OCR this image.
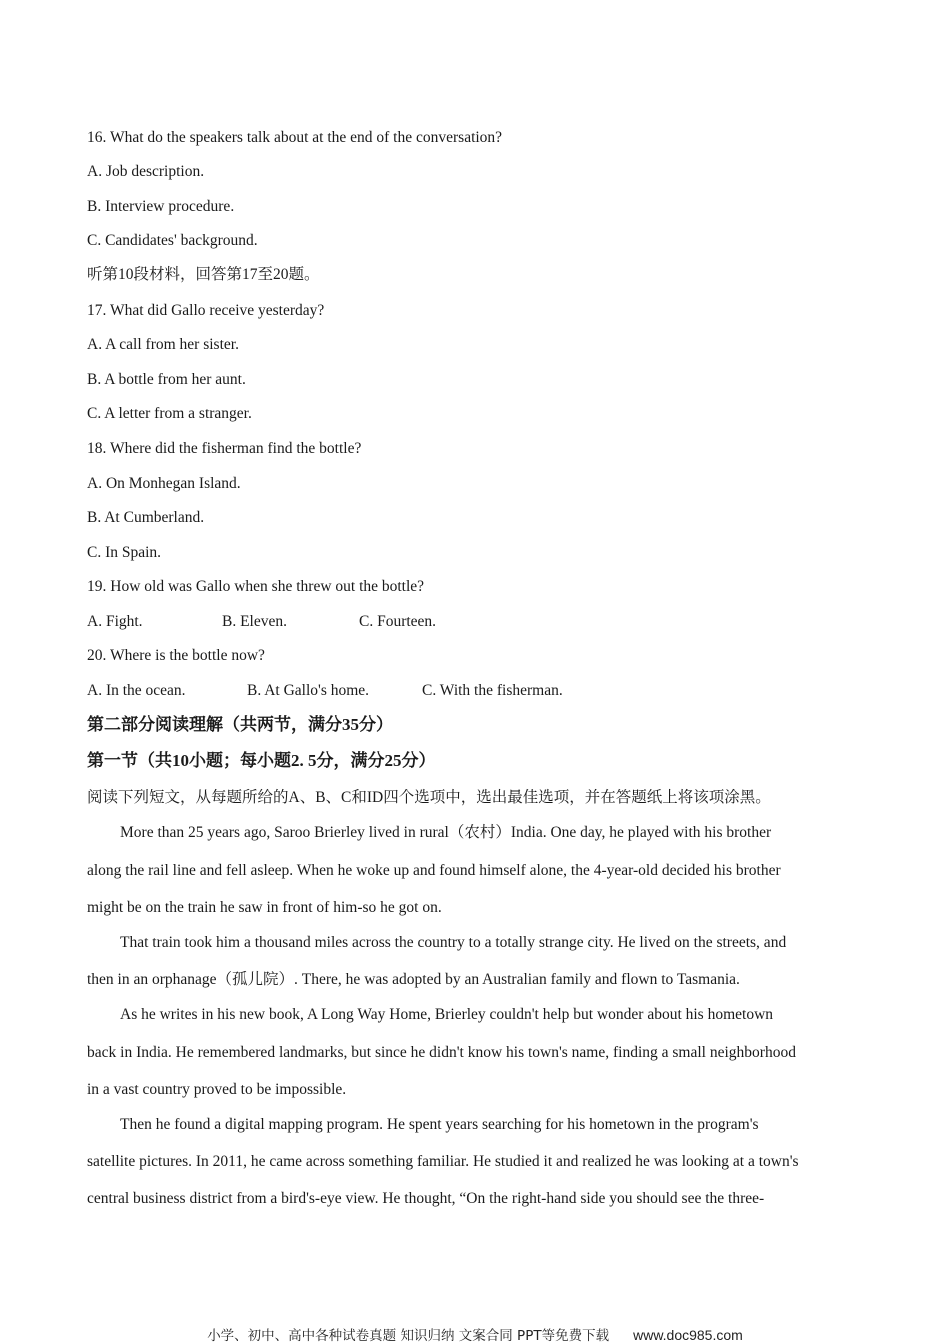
16. What do the speakers talk about at the end of the conversation?
A. Job description.
B. Interview procedure.
C. Candidates' background.
听第10段材料，回答第17至20题。
17. What did Gallo receive yesterday?
A. A call from her sister.
B. A bottle from her aunt.
C. A letter from a stranger.
18. Where did the fisherman find the bottle?
A. On Monhegan Island.
B. At Cumberland.
C. In Spain.
19. How old was Gallo when she threw out the bottle?
A. Fight.	B. Eleven.	C. Fourteen.
20. Where is the bottle now?
A. In the ocean.	B. At Gallo's home.	C. With the fisherman.
第二部分阅读理解（共两节，满分35分）
第一节（共10小题；每小题2. 5分，满分25分）
阅读下列短文，从每题所给的A、B、C和ID四个选项中，选出最佳选项，并在答题纸上将该项涂黑。
More than 25 years ago, Saroo Brierley lived in rural（农村）India. One day, he played with his brother
along the rail line and fell asleep. When he woke up and found himself alone, the 4-year-old decided his brother
might be on the train he saw in front of him-so he got on.
That train took him a thousand miles across the country to a totally strange city. He lived on the streets, and
then in an orphanage（孤儿院）. There, he was adopted by an Australian family and flown to Tasmania.
As he writes in his new book, A Long Way Home, Brierley couldn't help but wonder about his hometown
back in India. He remembered landmarks, but since he didn't know his town's name, finding a small neighborhood
in a vast country proved to be impossible.
Then he found a digital mapping program. He spent years searching for his hometown in the program's
satellite pictures. In 2011, he came across something familiar. He studied it and realized he was looking at a town's
central business district from a bird's-eye view. He thought, “On the right-hand side you should see the three-
小学、初中、高中各种试卷真题 知识归纳 文案合同 PPT等免费下载 www.doc985.com
